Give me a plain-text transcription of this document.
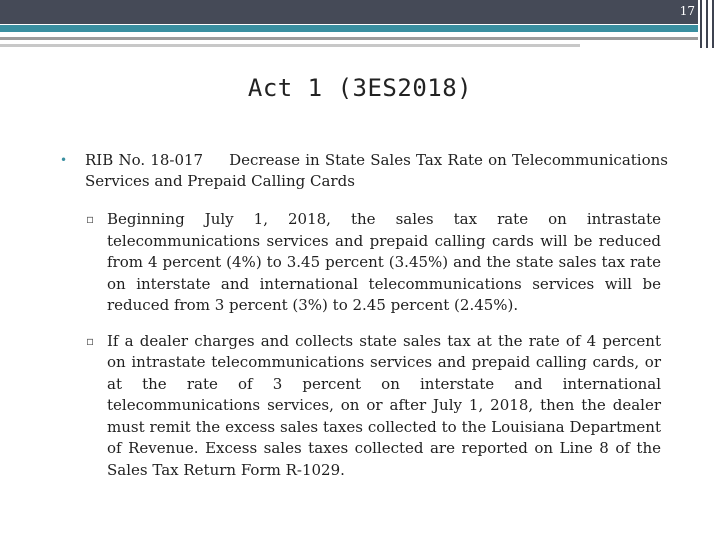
17
Act 1 (3ES2018)
• RIB No. 18-017     Decrease in State Sales Tax Rate on Telecommunications Services and Prepaid Calling Cards
▫ Beginning July 1, 2018, the sales tax rate on intrastate telecommunications services and prepaid calling cards will be reduced from 4 percent (4%) to 3.45 percent (3.45%) and the state sales tax rate on interstate and international telecommunications services will be reduced from 3 percent (3%) to 2.45 percent (2.45%).
▫ If a dealer charges and collects state sales tax at the rate of 4 percent on intrastate telecommunications services and prepaid calling cards, or at the rate of 3 percent on interstate and international telecommunications services, on or after July 1, 2018, then the dealer must remit the excess sales taxes collected to the Louisiana Department of Revenue. Excess sales taxes collected are reported on Line 8 of the Sales Tax Return Form R-1029.
